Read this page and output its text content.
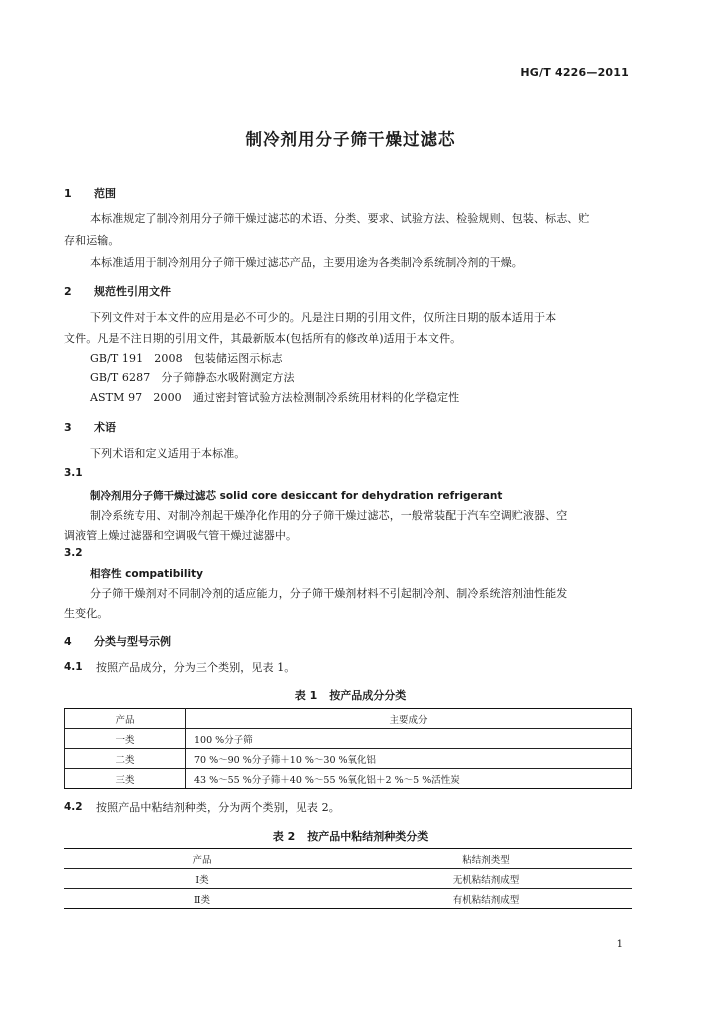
HG/T 4226—2011
制冷剂用分子筛干燥过滤芯
1 范围
本标准规定了制冷剂用分子筛干燥过滤芯的术语、分类、要求、试验方法、检验规则、包装、标志、贮
存和运输。
本标准适用于制冷剂用分子筛干燥过滤芯产品，主要用途为各类制冷系统制冷剂的干燥。
2 规范性引用文件
下列文件对于本文件的应用是必不可少的。凡是注日期的引用文件，仅所注日期的版本适用于本
文件。凡是不注日期的引用文件，其最新版本(包括所有的修改单)适用于本文件。
GB/T 191　2008　包装储运图示标志
GB/T 6287　分子筛静态水吸附测定方法
ASTM 97　2000　通过密封管试验方法检测制冷系统用材料的化学稳定性
3 术语
下列术语和定义适用于本标准。
3.1
制冷剂用分子筛干燥过滤芯 solid core desiccant for dehydration refrigerant
制冷系统专用、对制冷剂起干燥净化作用的分子筛干燥过滤芯，一般常装配于汽车空调贮液器、空
调液管上燥过滤器和空调吸气管干燥过滤器中。
3.2
相容性 compatibility
分子筛干燥剂对不同制冷剂的适应能力，分子筛干燥剂材料不引起制冷剂、制冷系统溶剂油性能发
生变化。
4 分类与型号示例
4.1 按照产品成分，分为三个类别，见表 1。
表 1 按产品成分分类
产品	主要成分
一类	100 %分子筛
二类	70 %～90 %分子筛＋10 %～30 %氧化铝
三类	43 %～55 %分子筛＋40 %～55 %氧化铝＋2 %～5 %活性炭
4.2 按照产品中粘结剂种类，分为两个类别，见表 2。
表 2 按产品中粘结剂种类分类
产品	粘结剂类型
Ⅰ类	无机粘结剂成型
Ⅱ类	有机粘结剂成型
1
